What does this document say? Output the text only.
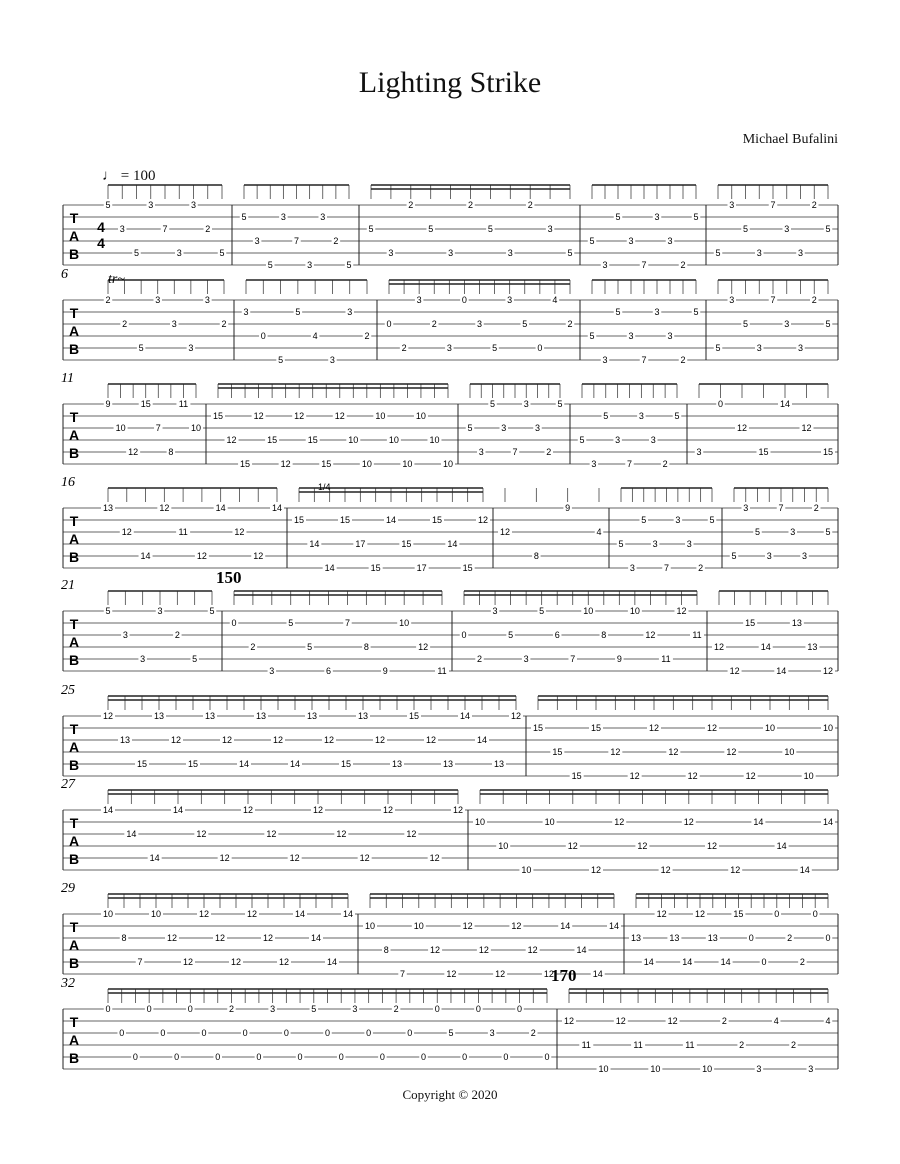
Lighting Strike
Michael Bufalini
♩ = 100
Copyright © 2020
T
A
B
4
4
5
3
5
3
7
3
3
2
5
5
3
5
3
7
3
3
2
5
5
3
2
5
3
2
5
3
2
3
5
5
3
5
3
7
3
3
2
5
5
3
5
3
7
3
3
2
5
T
A
B
6
2
2
5
3
3
3
3
2
3
0
5
5
4
3
3
2
0
2
3
2
3
0
3
5
3
5
0
4
2
5
3
5
3
7
3
3
2
5
5
3
5
3
7
3
3
2
5
T
A
B
11
9
10
12
15
7
8
11
10
15
12
15
12
15
12
12
15
15
12
10
10
10
10
10
10
10
10
5
3
5
3
7
3
3
2
5
5
3
5
3
7
3
3
2
5
3
0
12
15
14
12
15
T
A
B
16
13
12
14
12
11
12
14
12
12
14
15
14
14
15
17
15
14
15
17
15
14
15
12
12
8
9
4
5
3
5
3
7
3
3
2
5
5
3
5
3
7
3
3
2
5
T
A
B
21	150
5
3
3
3
2
5
5
0
2
3
5
5
6
7
8
9
10
12
11
0
2
3
5
3
5
6
7
10
8
9
10
12
11
12
11
12
12
15
14
14
13
13
12
T
A
B
25
12
13
15
13
12
15
13
12
14
13
12
14
13
12
15
13
12
13
15
12
13
14
14
13
12
15
15
15
15
12
12
12
12
12
12
12
12
10
10
10
10
T
A
B
27
14
14
14
14
12
12
12
12
12
12
12
12
12
12
12
12
10
10
10
10
12
12
12
12
12
12
12
12
14
14
14
14
T
A
B
29
10
8
7
10
12
12
12
12
12
12
12
12
14
14
14
14
10
8
7
10
12
12
12
12
12
12
12
12
14
14
14
14
13
14
12
13
14
12
13
14
15
0
0
0
2
2
0
0
T
A
B
32	170
0
0
0
0
0
0
0
0
0
2
0
0
3
0
0
5
0
0
3
0
0
2
0
0
0
5
0
0
3
0
0
2
0
12
11
10
12
11
10
12
11
10
2
2
3
4
2
3
4
tr~
1/4
